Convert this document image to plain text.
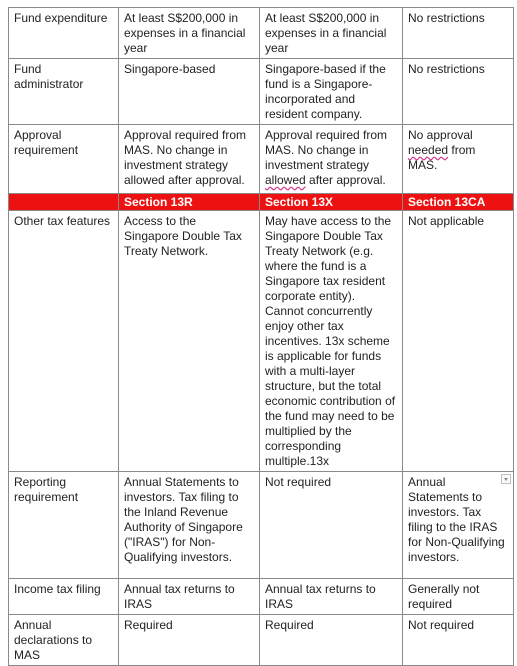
Fund expenditure	At least S$200,000 in expenses in a financial year	At least S$200,000 in expenses in a financial year	No restrictions
Fund administrator	Singapore-based	Singapore-based if the fund is a Singapore-incorporated and resident company.	No restrictions
Approval requirement	Approval required from MAS. No change in investment strategy allowed after approval.	Approval required from MAS. No change in investment strategy allowed after approval.	No approval needed from MAS.
	Section 13R	Section 13X	Section 13CA
Other tax features	Access to the Singapore Double Tax Treaty Network.	May have access to the Singapore Double Tax Treaty Network (e.g. where the fund is a Singapore tax resident corporate entity). Cannot concurrently enjoy other tax incentives. 13x scheme is applicable for funds with a multi-layer structure, but the total economic contribution of the fund may need to be multiplied by the corresponding multiple.13x	Not applicable
Reporting requirement	Annual Statements to investors. Tax filing to the Inland Revenue Authority of Singapore ("IRAS") for Non-Qualifying investors.	Not required	Annual Statements to investors. Tax filing to the IRAS for Non-Qualifying investors.

Income tax filing	Annual tax returns to IRAS	Annual tax returns to IRAS	Generally not required
Annual declarations to MAS	Required	Required	Not required
